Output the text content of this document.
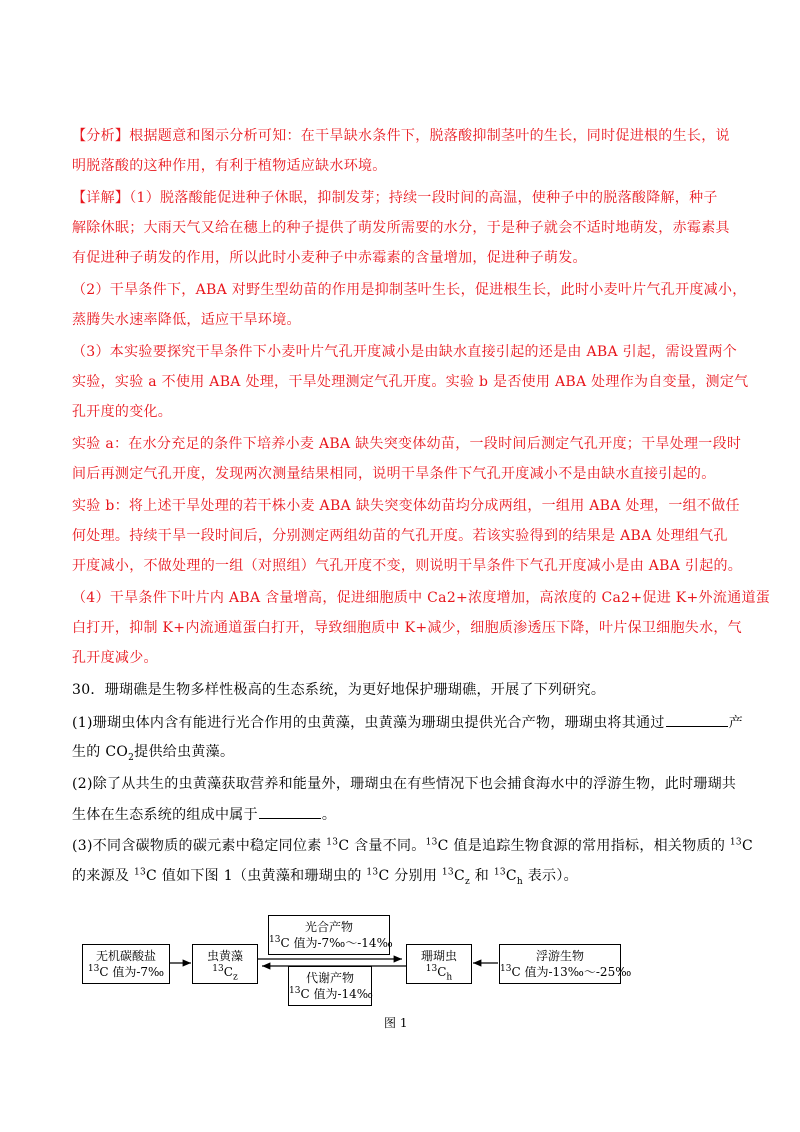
【分析】根据题意和图示分析可知：在干旱缺水条件下，脱落酸抑制茎叶的生长，同时促进根的生长，说
明脱落酸的这种作用，有利于植物适应缺水环境。
【详解】（1）脱落酸能促进种子休眠，抑制发芽；持续一段时间的高温，使种子中的脱落酸降解，种子
解除休眠；大雨天气又给在穗上的种子提供了萌发所需要的水分，于是种子就会不适时地萌发，赤霉素具
有促进种子萌发的作用，所以此时小麦种子中赤霉素的含量增加，促进种子萌发。
（2）干旱条件下，ABA 对野生型幼苗的作用是抑制茎叶生长，促进根生长，此时小麦叶片气孔开度减小，
蒸腾失水速率降低，适应干旱环境。
（3）本实验要探究干旱条件下小麦叶片气孔开度减小是由缺水直接引起的还是由 ABA 引起，需设置两个
实验，实验 a 不使用 ABA 处理，干旱处理测定气孔开度。实验 b 是否使用 ABA 处理作为自变量，测定气
孔开度的变化。
实验 a：在水分充足的条件下培养小麦 ABA 缺失突变体幼苗，一段时间后测定气孔开度；干旱处理一段时
间后再测定气孔开度，发现两次测量结果相同，说明干旱条件下气孔开度减小不是由缺水直接引起的。
实验 b：将上述干旱处理的若干株小麦 ABA 缺失突变体幼苗均分成两组，一组用 ABA 处理，一组不做任
何处理。持续干旱一段时间后，分别测定两组幼苗的气孔开度。若该实验得到的结果是 ABA 处理组气孔
开度减小，不做处理的一组（对照组）气孔开度不变，则说明干旱条件下气孔开度减小是由 ABA 引起的。
（4）干旱条件下叶片内 ABA 含量增高，促进细胞质中 Ca2+浓度增加，高浓度的 Ca2+促进 K+外流通道蛋
白打开，抑制 K+内流通道蛋白打开，导致细胞质中 K+减少，细胞质渗透压下降，叶片保卫细胞失水，气
孔开度减少。
30．珊瑚礁是生物多样性极高的生态系统，为更好地保护珊瑚礁，开展了下列研究。
(1)珊瑚虫体内含有能进行光合作用的虫黄藻，虫黄藻为珊瑚虫提供光合产物，珊瑚虫将其通过	产
生的 $CO_2$提供给虫黄藻。
(2)除了从共生的虫黄藻获取营养和能量外，珊瑚虫在有些情况下也会捕食海水中的浮游生物，此时珊瑚共
生体在生态系统的组成中属于	。
(3)不同含碳物质的碳元素中稳定同位素 $^{13}$C 含量不同。$^{13}$C 值是追踪生物食源的常用指标，相关物质的 $^{13}$C
的来源及 $^{13}$C 值如下图 1（虫黄藻和珊瑚虫的 $^{13}$C 分别用 $^{13}C_z$ 和 $^{13}C_h$ 表示）。
无机碳酸盐
$^{13}$C 值为-7‰
虫黄藻
$^{13}C_z$
光合产物
$^{13}$C 值为-7‰～-14‰
代谢产物
$^{13}$C 值为-14‰
珊瑚虫
$^{13}C_h$
浮游生物
$^{13}$C 值为-13‰～-25‰
图 1
